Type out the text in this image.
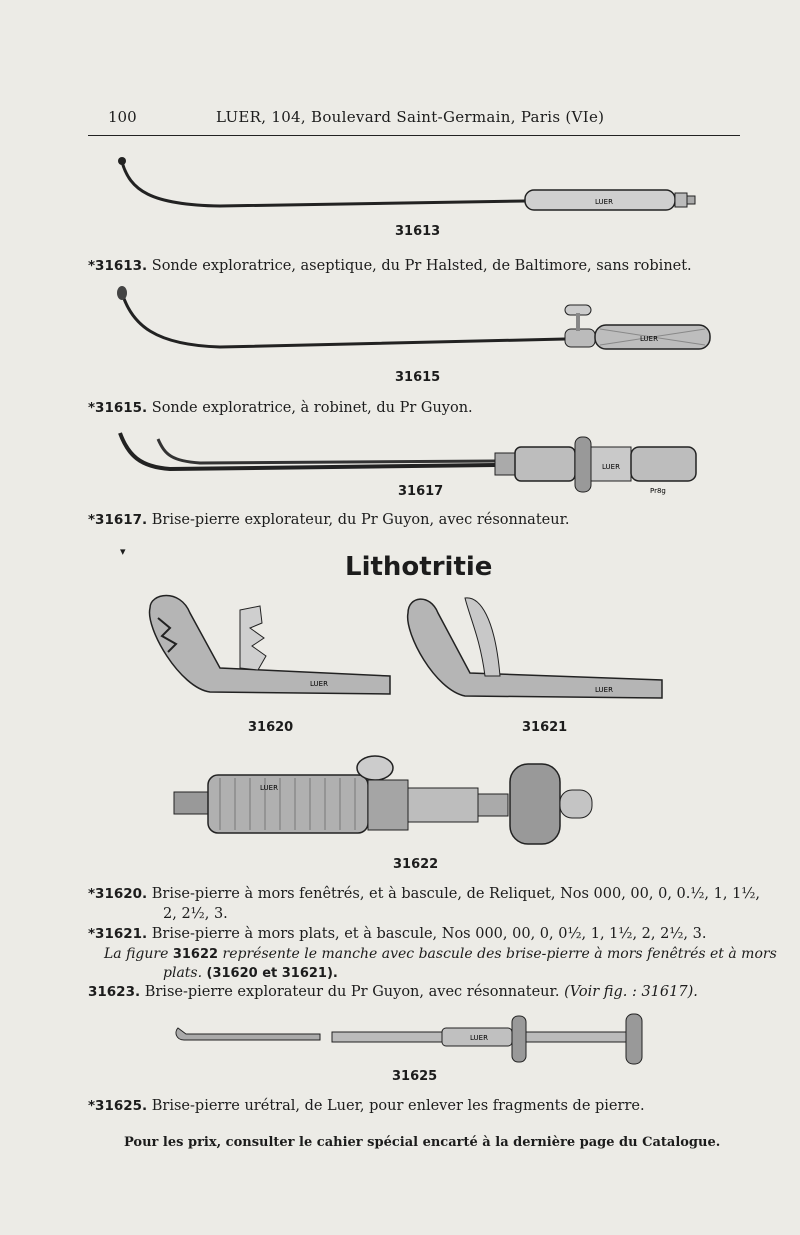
100	LUER, 104, Boulevard Saint-Germain, Paris (VIe)
LUER
31613
*31613. Sonde exploratrice, aseptique, du Pr Halsted, de Baltimore, sans robinet.
LUER
31615
*31615. Sonde exploratrice, à robinet, du Pr Guyon.
LUER
Pr8g
31617
*31617. Brise-pierre explorateur, du Pr Guyon, avec résonnateur.
▾
Lithotritie
LUER
31620
LUER
31621
LUER
31622
*31620. Brise-pierre à mors fenêtrés, et à bascule, de Reliquet, Nos 000, 00, 0, 0.½, 1, 1½,
2, 2½, 3.
*31621. Brise-pierre à mors plats, et à bascule, Nos 000, 00, 0, 0½, 1, 1½, 2, 2½, 3.
La figure 31622 représente le manche avec bascule des brise-pierre à mors fenêtrés et à mors
plats. (31620 et 31621).
31623. Brise-pierre explorateur du Pr Guyon, avec résonnateur. (Voir fig. : 31617).
LUER
31625
*31625. Brise-pierre urétral, de Luer, pour enlever les fragments de pierre.
Pour les prix, consulter le cahier spécial encarté à la dernière page du Catalogue.
